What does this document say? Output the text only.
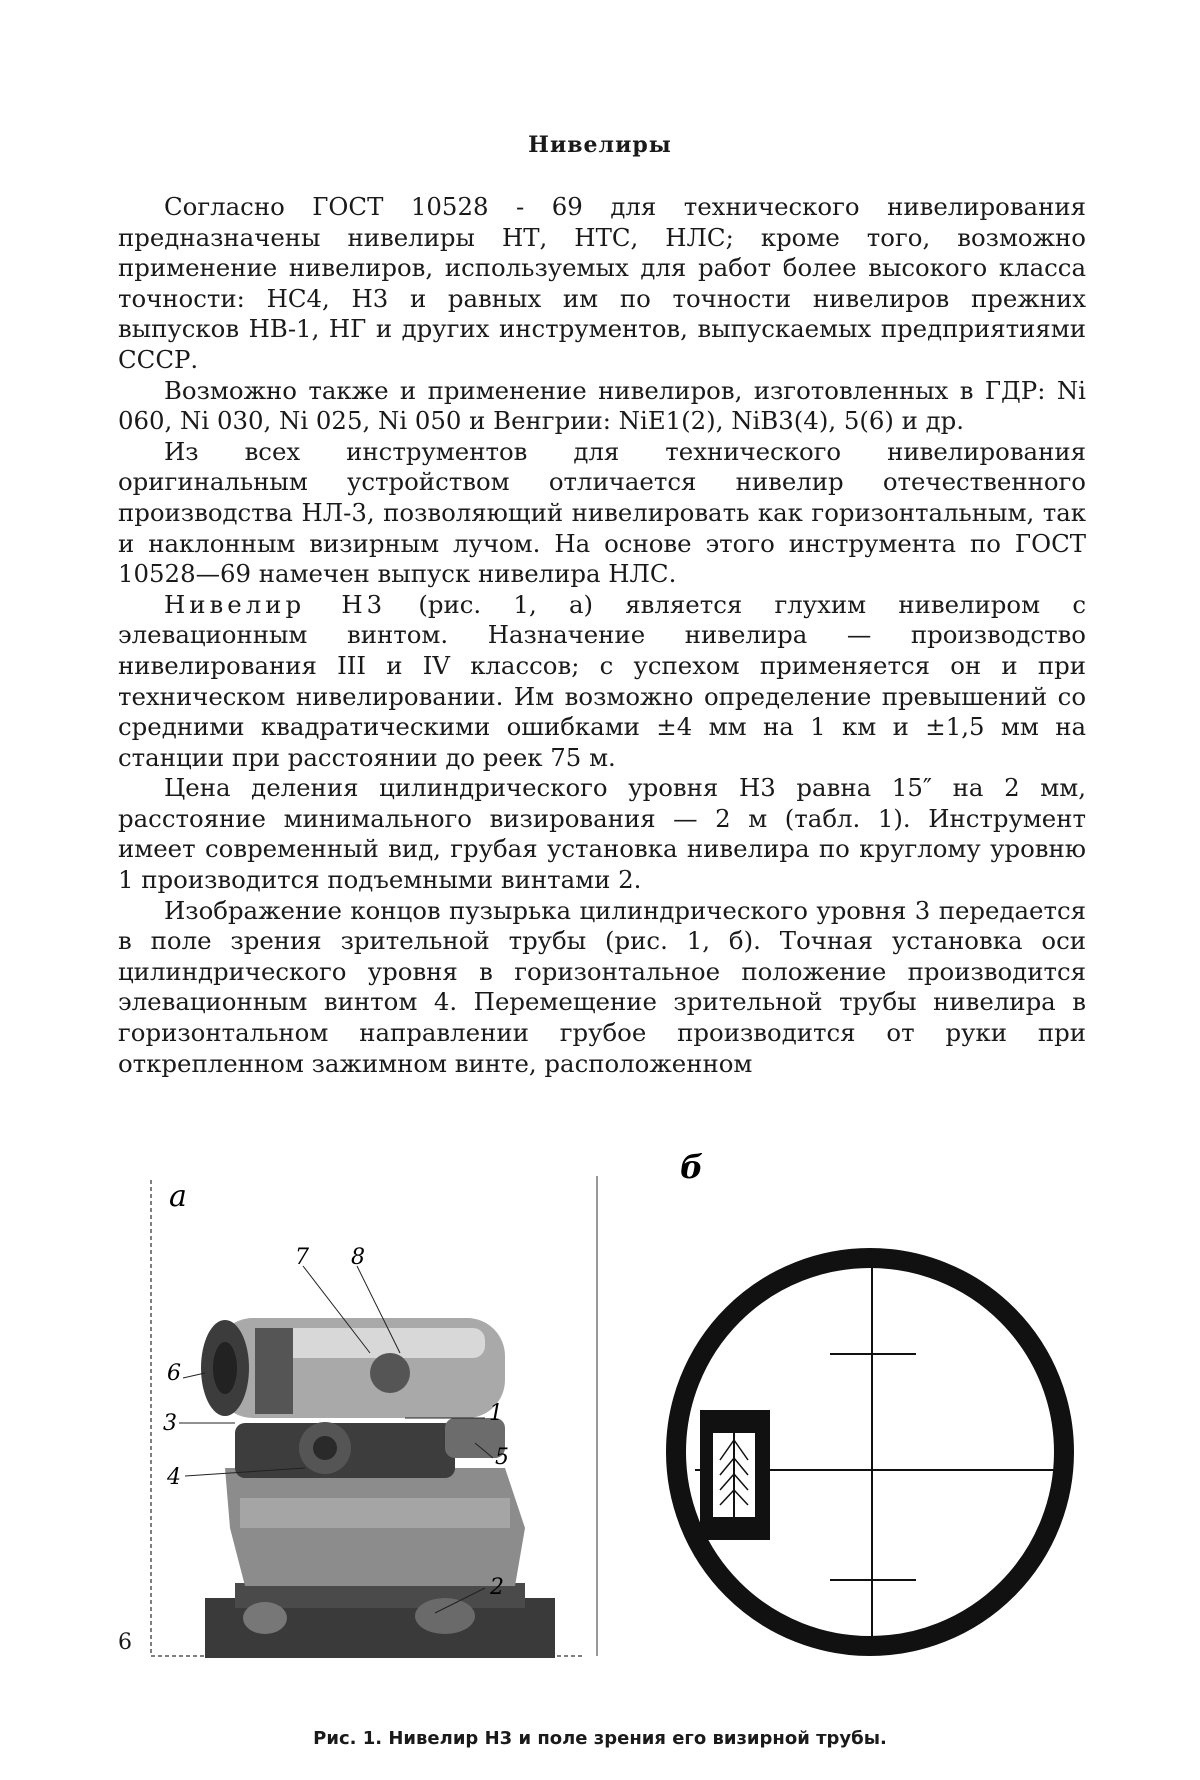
Нивелиры

Согласно ГОСТ 10528 - 69 для технического нивелирования предназначены нивелиры НТ, НТС, НЛС; кроме того, возможно применение нивелиров, используемых для работ более высокого класса точности: НС4, Н3 и равных им по точности нивелиров прежних выпусков НВ-1, НГ и других инструментов, выпускаемых предприятиями СССР.

Возможно также и применение нивелиров, изготовленных в ГДР: Ni 060, Ni 030, Ni 025, Ni 050 и Венгрии: NiE1(2), NiB3(4), 5(6) и др.

Из всех инструментов для технического нивелирования оригинальным устройством отличается нивелир отечественного производства НЛ-3, позволяющий нивелировать как горизонтальным, так и наклонным визирным лучом. На основе этого инструмента по ГОСТ 10528—69 намечен выпуск нивелира НЛС.

Нивелир Н3 (рис. 1, а) является глухим нивелиром с элевационным винтом. Назначение нивелира — производство нивелирования III и IV классов; с успехом применяется он и при техническом нивелировании. Им возможно определение превышений со средними квадратическими ошибками ±4 мм на 1 км и ±1,5 мм на станции при расстоянии до реек 75 м.

Цена деления цилиндрического уровня Н3 равна 15″ на 2 мм, расстояние минимального визирования — 2 м (табл. 1). Инструмент имеет современный вид, грубая установка нивелира по круглому уровню 1 производится подъемными винтами 2.

Изображение концов пузырька цилиндрического уровня 3 передается в поле зрения зрительной трубы (рис. 1, б). Точная установка оси цилиндрического уровня в горизонтальное положение производится элевационным винтом 4. Перемещение зрительной трубы нивелира в горизонтальном направлении грубое производится от руки при открепленном зажимном винте, расположенном

а
7 8
6
3	1
5
4
2
б
Рис. 1. Нивелир Н3 и поле зрения его визирной трубы.
6
